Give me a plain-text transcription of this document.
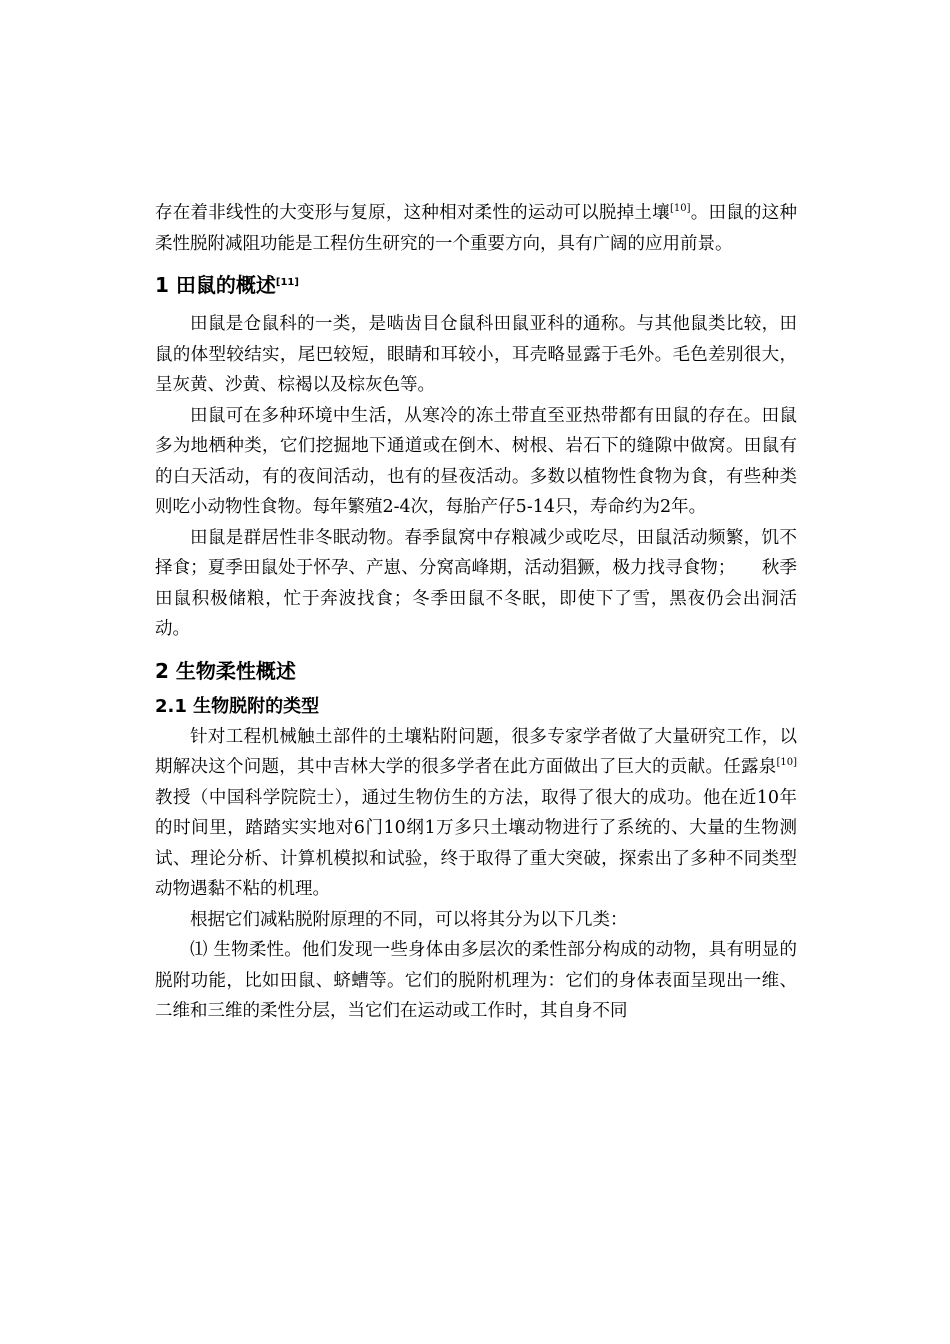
存在着非线性的大变形与复原，这种相对柔性的运动可以脱掉土壤[10]。田鼠的这种柔性脱附减阻功能是工程仿生研究的一个重要方向，具有广阔的应用前景。

1 田鼠的概述[11]

田鼠是仓鼠科的一类，是啮齿目仓鼠科田鼠亚科的通称。与其他鼠类比较，田鼠的体型较结实，尾巴较短，眼睛和耳较小，耳壳略显露于毛外。毛色差别很大，呈灰黄、沙黄、棕褐以及棕灰色等。

田鼠可在多种环境中生活，从寒冷的冻土带直至亚热带都有田鼠的存在。田鼠多为地栖种类，它们挖掘地下通道或在倒木、树根、岩石下的缝隙中做窝。田鼠有的白天活动，有的夜间活动，也有的昼夜活动。多数以植物性食物为食，有些种类则吃小动物性食物。每年繁殖2-4次，每胎产仔5-14只，寿命约为2年。

田鼠是群居性非冬眠动物。春季鼠窝中存粮减少或吃尽，田鼠活动频繁，饥不择食；夏季田鼠处于怀孕、产崽、分窝高峰期，活动猖獗，极力找寻食物；　　秋季田鼠积极储粮，忙于奔波找食；冬季田鼠不冬眠，即使下了雪，黑夜仍会出洞活动。

2 生物柔性概述
2.1 生物脱附的类型

针对工程机械触土部件的土壤粘附问题，很多专家学者做了大量研究工作，以期解决这个问题，其中吉林大学的很多学者在此方面做出了巨大的贡献。任露泉[10]教授（中国科学院院士），通过生物仿生的方法，取得了很大的成功。他在近10年的时间里，踏踏实实地对6门10纲1万多只土壤动物进行了系统的、大量的生物测试、理论分析、计算机模拟和试验，终于取得了重大突破，探索出了多种不同类型动物遇黏不粘的机理。

根据它们减粘脱附原理的不同，可以将其分为以下几类：

⑴ 生物柔性。他们发现一些身体由多层次的柔性部分构成的动物，具有明显的脱附功能，比如田鼠、蛴螬等。它们的脱附机理为：它们的身体表面呈现出一维、二维和三维的柔性分层，当它们在运动或工作时，其自身不同
